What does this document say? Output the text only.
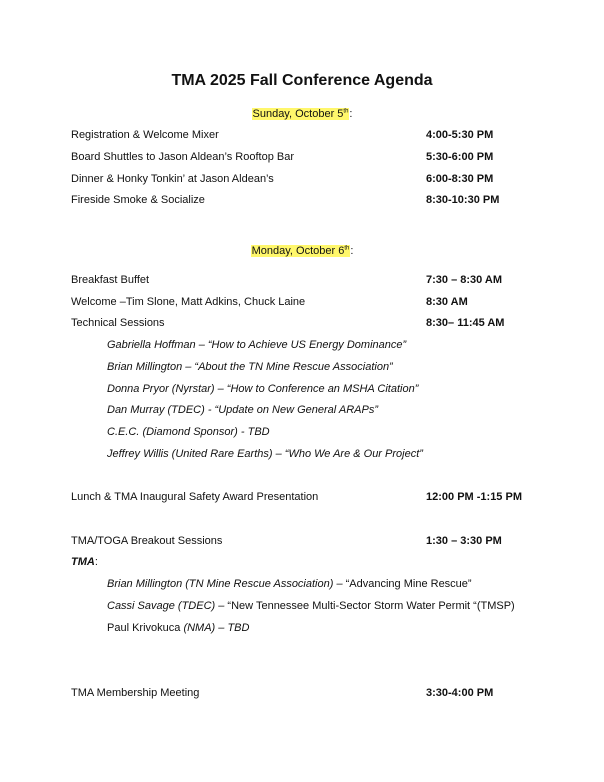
TMA 2025 Fall Conference Agenda
Sunday, October 5th:
Registration & Welcome Mixer	4:00-5:30 PM
Board Shuttles to Jason Aldean’s Rooftop Bar	5:30-6:00 PM
Dinner & Honky Tonkin’ at Jason Aldean’s	6:00-8:30 PM
Fireside Smoke & Socialize	8:30-10:30 PM
Monday, October 6th:
Breakfast Buffet	7:30 – 8:30 AM
Welcome –Tim Slone, Matt Adkins, Chuck Laine	8:30 AM
Technical Sessions	8:30– 11:45 AM
Gabriella Hoffman – “How to Achieve US Energy Dominance”
Brian Millington – “About the TN Mine Rescue Association”
Donna Pryor (Nyrstar) – “How to Conference an MSHA Citation”
Dan Murray (TDEC) - “Update on New General ARAPs”
C.E.C. (Diamond Sponsor) - TBD
Jeffrey Willis (United Rare Earths) – “Who We Are & Our Project”
Lunch & TMA Inaugural Safety Award Presentation	12:00 PM -1:15 PM
TMA/TOGA Breakout Sessions	1:30 – 3:30 PM
TMA:
Brian Millington (TN Mine Rescue Association) – “Advancing Mine Rescue”
Cassi Savage (TDEC) – “New Tennessee Multi-Sector Storm Water Permit “(TMSP)
Paul Krivokuca (NMA) – TBD
TMA Membership Meeting	3:30-4:00 PM
